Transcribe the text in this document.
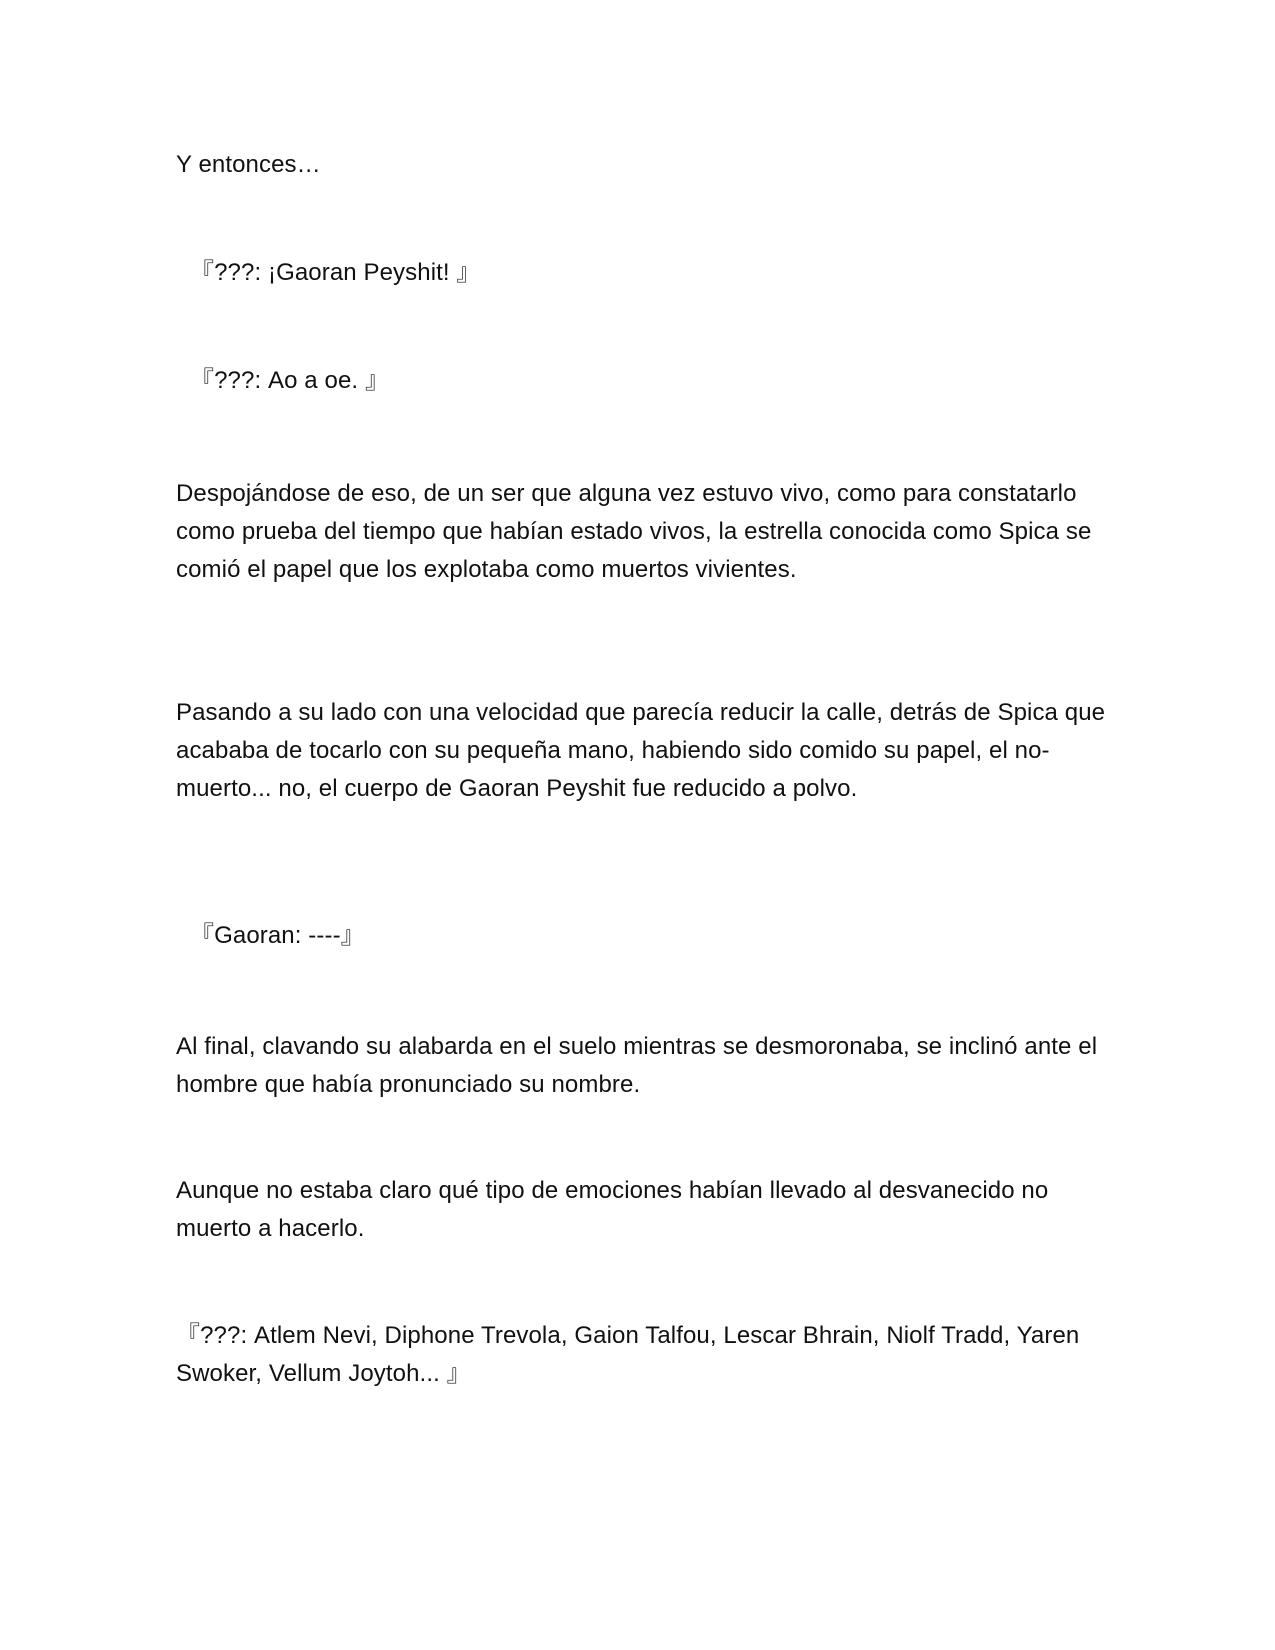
Y entonces…

『???: ¡Gaoran Peyshit! 』

『???: Ao a oe. 』

Despojándose de eso, de un ser que alguna vez estuvo vivo, como para constatarlo como prueba del tiempo que habían estado vivos, la estrella conocida como Spica se comió el papel que los explotaba como muertos vivientes.

Pasando a su lado con una velocidad que parecía reducir la calle, detrás de Spica que acababa de tocarlo con su pequeña mano, habiendo sido comido su papel, el no-muerto... no, el cuerpo de Gaoran Peyshit fue reducido a polvo.

『Gaoran: ----』

Al final, clavando su alabarda en el suelo mientras se desmoronaba, se inclinó ante el hombre que había pronunciado su nombre.

Aunque no estaba claro qué tipo de emociones habían llevado al desvanecido no muerto a hacerlo.

『???: Atlem Nevi, Diphone Trevola, Gaion Talfou, Lescar Bhrain, Niolf Tradd, Yaren Swoker, Vellum Joytoh... 』
